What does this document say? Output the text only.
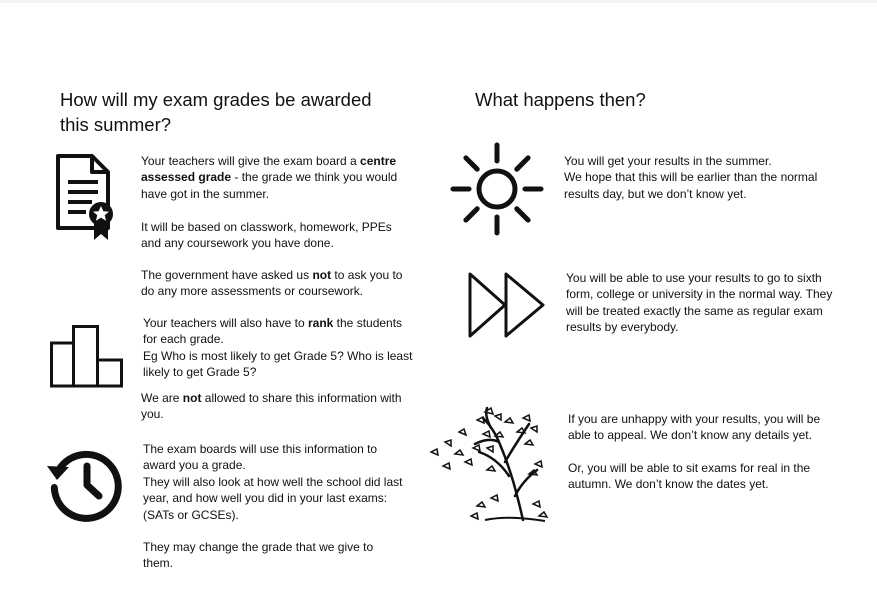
How will my exam grades be awarded this summer?
Your teachers will give the exam board a centre assessed grade - the grade we think you would have got in the summer.
It will be based on classwork, homework, PPEs and any coursework you have done.
The government have asked us not to ask you to do any more assessments or coursework.
Your teachers will also have to rank the students for each grade.
Eg Who is most likely to get Grade 5? Who is least likely to get Grade 5?
We are not allowed to share this information with you.
The exam boards will use this information to award you a grade.
They will also look at how well the school did last year, and how well you did in your last exams: (SATs or GCSEs).
They may change the grade that we give to them.
What happens then?
You will get your results in the summer.
We hope that this will be earlier than the normal results day, but we don’t know yet.
You will be able to use your results to go to sixth form, college or university in the normal way. They will be treated exactly the same as regular exam results by everybody.
If you are unhappy with your results, you will be able to appeal. We don’t know any details yet.
Or, you will be able to sit exams for real in the autumn. We don’t know the dates yet.
